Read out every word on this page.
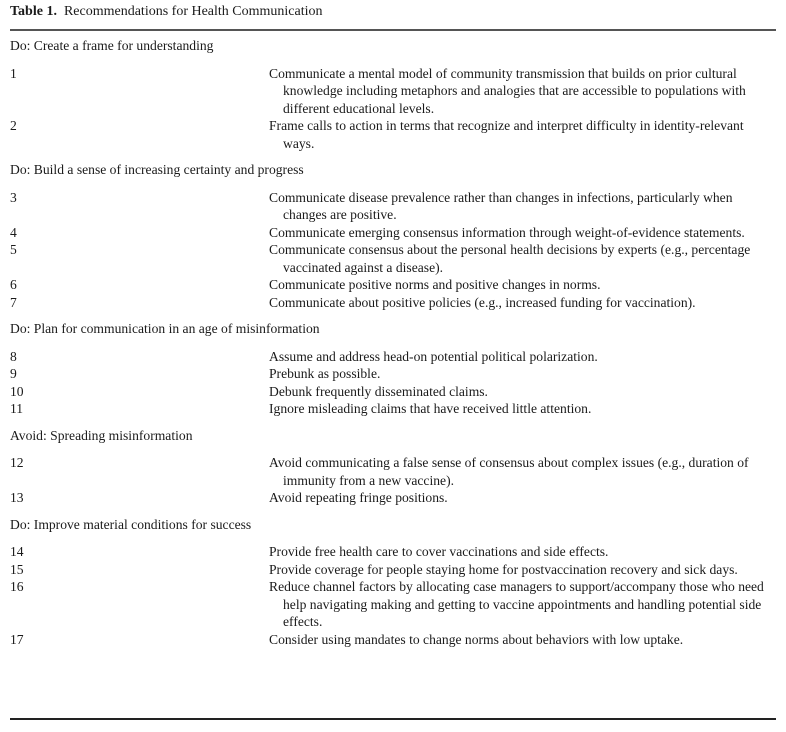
Table 1. Recommendations for Health Communication
Do: Create a frame for understanding
1	Communicate a mental model of community transmission that builds on prior cultural knowledge including metaphors and analogies that are accessible to populations with different educational levels.
2	Frame calls to action in terms that recognize and interpret difficulty in identity-relevant ways.
Do: Build a sense of increasing certainty and progress
3	Communicate disease prevalence rather than changes in infections, particularly when changes are positive.
4	Communicate emerging consensus information through weight-of-evidence statements.
5	Communicate consensus about the personal health decisions by experts (e.g., percentage vaccinated against a disease).
6	Communicate positive norms and positive changes in norms.
7	Communicate about positive policies (e.g., increased funding for vaccination).
Do: Plan for communication in an age of misinformation
8	Assume and address head-on potential political polarization.
9	Prebunk as possible.
10	Debunk frequently disseminated claims.
11	Ignore misleading claims that have received little attention.
Avoid: Spreading misinformation
12	Avoid communicating a false sense of consensus about complex issues (e.g., duration of immunity from a new vaccine).
13	Avoid repeating fringe positions.
Do: Improve material conditions for success
14	Provide free health care to cover vaccinations and side effects.
15	Provide coverage for people staying home for postvaccination recovery and sick days.
16	Reduce channel factors by allocating case managers to support/accompany those who need help navigating making and getting to vaccine appointments and handling potential side effects.
17	Consider using mandates to change norms about behaviors with low uptake.
